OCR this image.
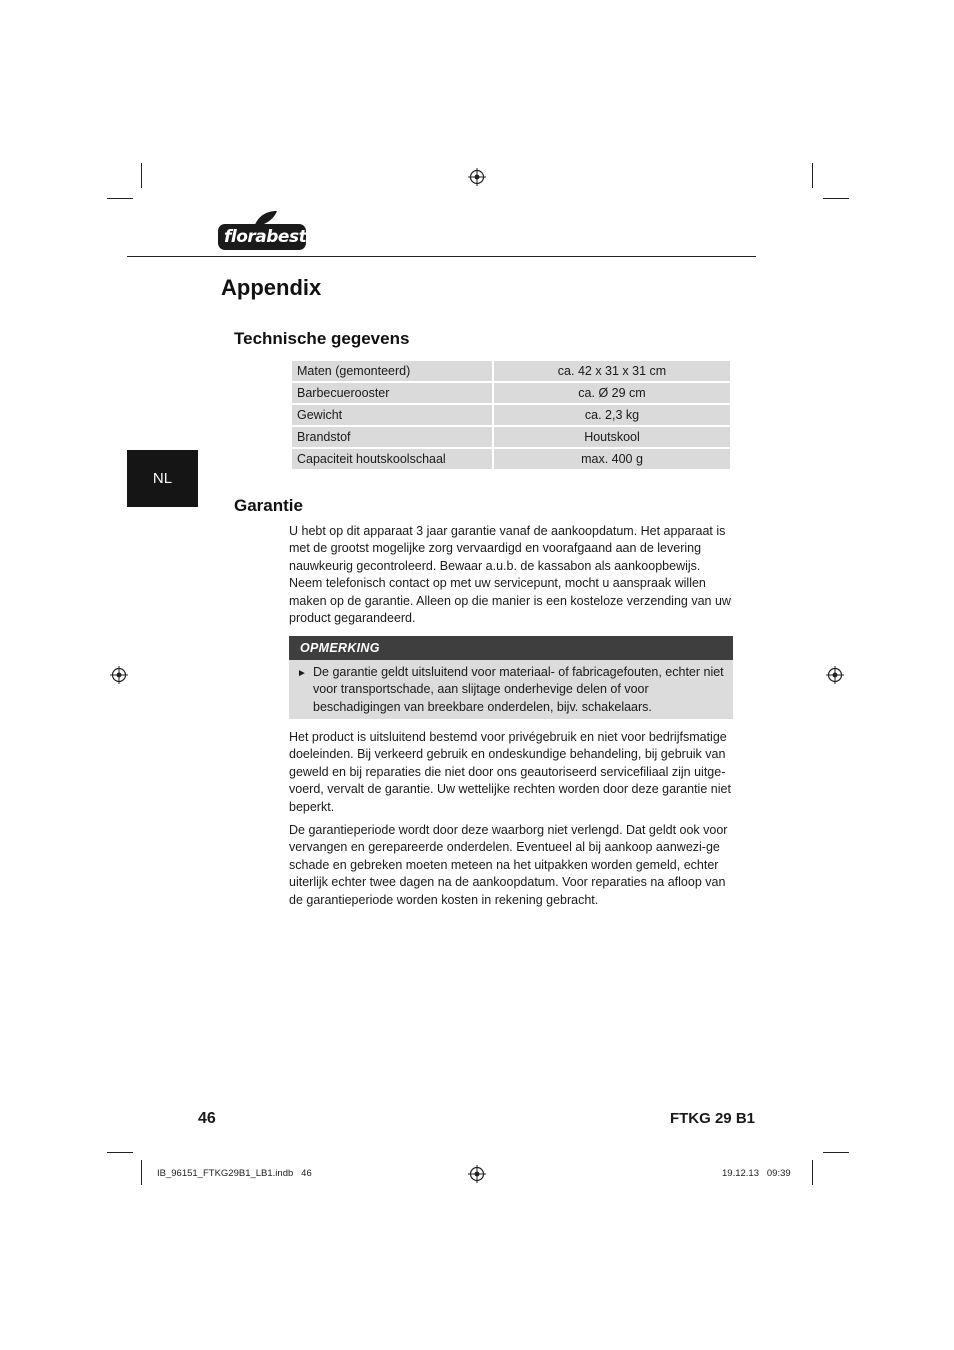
florabest
Appendix
NL
Technische gegevens
Maten (gemonteerd)	ca. 42 x 31 x 31 cm
Barbecuerooster	ca. Ø 29 cm
Gewicht	ca. 2,3 kg
Brandstof	Houtskool
Capaciteit houtskoolschaal	max. 400 g
Garantie

U hebt op dit apparaat 3 jaar garantie vanaf de aankoopdatum. Het apparaat is met de grootst mogelijke zorg vervaardigd en voorafgaand aan de levering nauwkeurig gecontroleerd. Bewaar a.u.b. de kassabon als aankoopbewijs. Neem telefonisch contact op met uw servicepunt, mocht u aanspraak willen maken op de garantie. Alleen op die manier is een kosteloze verzending van uw product gegarandeerd.

OPMERKING
► De garantie geldt uitsluitend voor materiaal- of fabricagefouten, echter niet voor transportschade, aan slijtage onderhevige delen of voor beschadigingen van breekbare onderdelen, bijv. schakelaars.

Het product is uitsluitend bestemd voor privégebruik en niet voor bedrijfsmatige doeleinden. Bij verkeerd gebruik en ondeskundige behandeling, bij gebruik van geweld en bij reparaties die niet door ons geautoriseerd servicefiliaal zijn uitge-voerd, vervalt de garantie. Uw wettelijke rechten worden door deze garantie niet beperkt.

De garantieperiode wordt door deze waarborg niet verlengd. Dat geldt ook voor vervangen en gerepareerde onderdelen. Eventueel al bij aankoop aanwezi-ge schade en gebreken moeten meteen na het uitpakken worden gemeld, echter uiterlijk echter twee dagen na de aankoopdatum. Voor reparaties na afloop van de garantieperiode worden kosten in rekening gebracht.

46	FTKG 29 B1
IB_96151_FTKG29B1_LB1.indb   46	19.12.13   09:39
